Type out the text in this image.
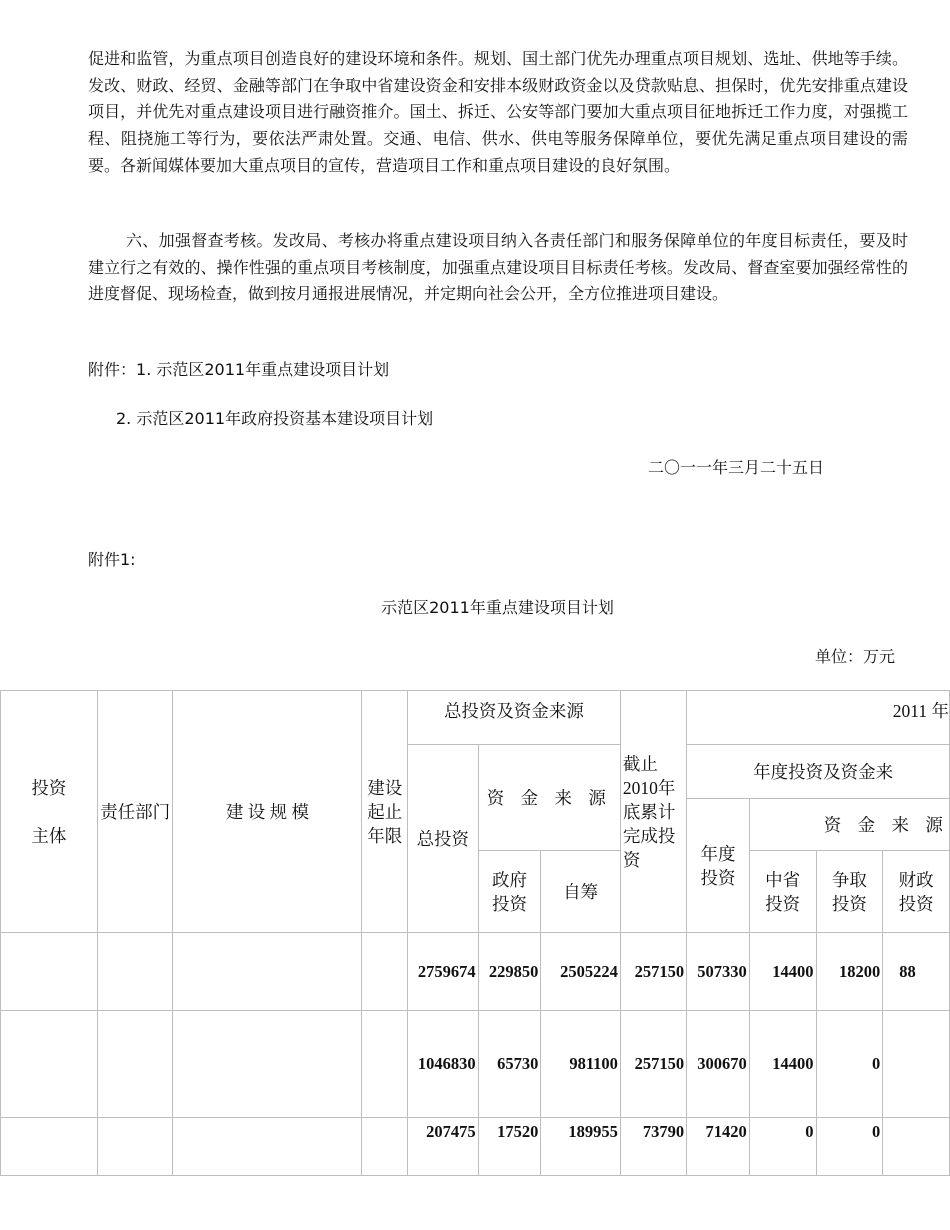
促进和监管，为重点项目创造良好的建设环境和条件。规划、国土部门优先办理重点项目规划、选址、供地等手续。发改、财政、经贸、金融等部门在争取中省建设资金和安排本级财政资金以及贷款贴息、担保时，优先安排重点建设项目，并优先对重点建设项目进行融资推介。国土、拆迁、公安等部门要加大重点项目征地拆迁工作力度，对强揽工程、阻挠施工等行为，要依法严肃处置。交通、电信、供水、供电等服务保障单位，要优先满足重点项目建设的需要。各新闻媒体要加大重点项目的宣传，营造项目工作和重点项目建设的良好氛围。

六、加强督查考核。发改局、考核办将重点建设项目纳入各责任部门和服务保障单位的年度目标责任，要及时建立行之有效的、操作性强的重点项目考核制度，加强重点建设项目目标责任考核。发改局、督查室要加强经常性的进度督促、现场检查，做到按月通报进展情况，并定期向社会公开，全方位推进项目建设。

附件：1. 示范区2011年重点建设项目计划
2. 示范区2011年政府投资基本建设项目计划
二〇一一年三月二十五日
附件1:
示范区2011年重点建设项目计划
单位：万元
投资
主体	责任部门	建 设 规 模	建设起止年限	总投资及资金来源			截止2010年底累计完成投资	2011 年			
				总投资	资 金 来 源			年度投资及资金来			
								年度投资	资 金 来 源		
					政府投资	自筹			中省投资	争取投资	财政投资
				2759674	229850	2505224	257150	507330	14400	18200	88
				1046830	65730	981100	257150	300670	14400	0	
				207475	17520	189955	73790	71420	0	0	
